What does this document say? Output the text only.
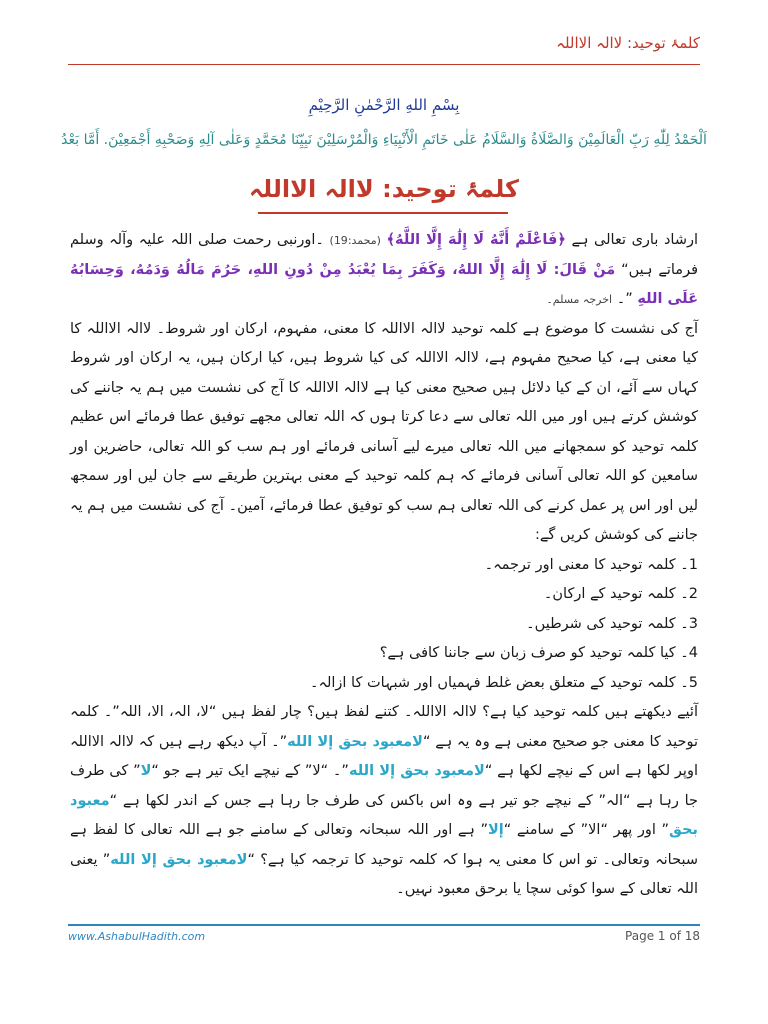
کلمۂ توحید: لاالہ الااللہ
بِسْمِ اللهِ الرَّحْمٰنِ الرَّحِيْمِ
اَلْحَمْدُ لِلّٰهِ رَبِّ الْعَالَمِيْنَ وَالصَّلَاةُ وَالسَّلَامُ عَلٰى خَاتَمِ الْأَنْبِيَاءِ وَالْمُرْسَلِيْنَ نَبِيِّنَا مُحَمَّدٍ وَعَلٰى آلِهِ وَصَحْبِهِ أَجْمَعِيْنَ. أَمَّا بَعْدُ
کلمۂ توحید: لاالہ الااللہ

ارشاد باری تعالی ہے ﴿فَاعْلَمْ أَنَّهُ لَا إِلَٰهَ إِلَّا اللَّهُ﴾ (محمد:19) ۔اورنبی رحمت صلی اللہ علیہ وآلہ وسلم فرماتے ہیں“ مَنْ قَالَ: لَا إِلَٰهَ إِلَّا اللهُ، وَكَفَرَ بِمَا يُعْبَدُ مِنْ دُونِ اللهِ، حَرُمَ مَالُهُ وَدَمُهُ، وَحِسَابُهُ عَلَى اللهِ ”۔ اخرجہ مسلم۔

آج کی نشست کا موضوع ہے کلمہ توحید لاالہ الااللہ کا معنی، مفہوم، ارکان اور شروط۔ لاالہ الااللہ کا کیا معنی ہے، کیا صحیح مفہوم ہے، لاالہ الااللہ کی کیا شروط ہیں، کیا ارکان ہیں، یہ ارکان اور شروط کہاں سے آئے، ان کے کیا دلائل ہیں صحیح معنی کیا ہے لاالہ الااللہ کا آج کی نشست میں ہم یہ جاننے کی کوشش کرتے ہیں اور میں اللہ تعالی سے دعا کرتا ہوں کہ اللہ تعالی مجھے توفیق عطا فرمائے اس عظیم کلمہ توحید کو سمجھانے میں اللہ تعالی میرے لیے آسانی فرمائے اور ہم سب کو اللہ تعالی، حاضرین اور سامعین کو اللہ تعالی آسانی فرمائے کہ ہم کلمہ توحید کے معنی بہترین طریقے سے جان لیں اور سمجھ لیں اور اس پر عمل کرنے کی اللہ تعالی ہم سب کو توفیق عطا فرمائے، آمین۔ آج کی نشست میں ہم یہ جاننے کی کوشش کریں گے:

1۔ کلمہ توحید کا معنی اور ترجمہ۔
2۔ کلمہ توحید کے ارکان۔
3۔ کلمہ توحید کی شرطیں۔
4۔ کیا کلمہ توحید کو صرف زبان سے جاننا کافی ہے؟
5۔ کلمہ توحید کے متعلق بعض غلط فہمیاں اور شبہات کا ازالہ۔

آئیے دیکھتے ہیں کلمہ توحید کیا ہے؟ لاالہ الااللہ۔ کتنے لفظ ہیں؟ چار لفظ ہیں “لا، الہ، الا، اللہ”۔ کلمہ توحید کا معنی جو صحیح معنی ہے وہ یہ ہے “لامعبود بحق إلا الله”۔ آپ دیکھ رہے ہیں کہ لاالہ الااللہ اوپر لکھا ہے اس کے نیچے لکھا ہے “لامعبود بحق إلا الله”۔ “لا” کے نیچے ایک تیر ہے جو “لا” کی طرف جا رہا ہے “الہ” کے نیچے جو تیر ہے وہ اس باکس کی طرف جا رہا ہے جس کے اندر لکھا ہے “معبود بحق” اور پھر “الا” کے سامنے “إلا” ہے اور اللہ سبحانہ وتعالی کے سامنے جو ہے اللہ تعالی کا لفظ ہے سبحانہ وتعالی۔ تو اس کا معنی یہ ہوا کہ کلمہ توحید کا ترجمہ کیا ہے؟ “لامعبود بحق إلا الله” یعنی اللہ تعالی کے سوا کوئی سچا یا برحق معبود نہیں۔

www.AshabulHadith.com	Page 1 of 18
